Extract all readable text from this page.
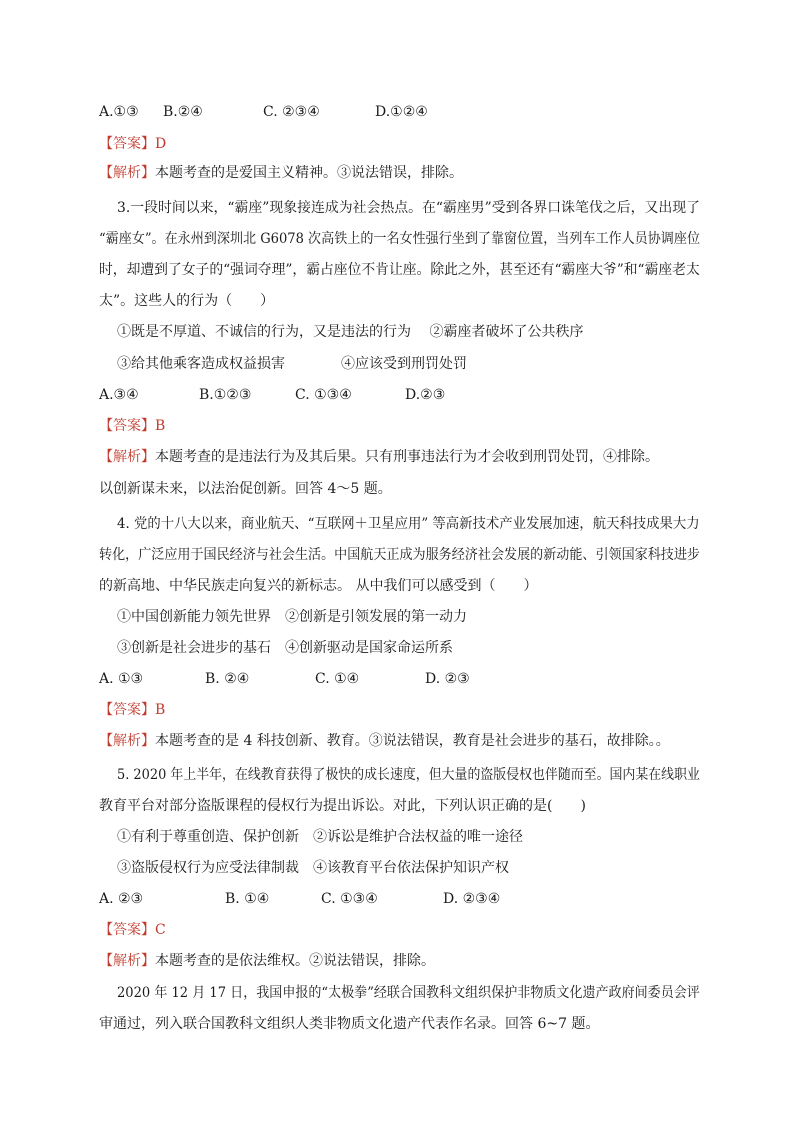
A.①③ B.②④	C. ②③④	D.①②④
【答案】D
【解析】本题考查的是爱国主义精神。③说法错误，排除。
3.一段时间以来，“霸座”现象接连成为社会热点。在“霸座男”受到各界口诛笔伐之后，又出现了
“霸座女”。在永州到深圳北 G6078 次高铁上的一名女性强行坐到了靠窗位置，当列车工作人员协调座位
时，却遭到了女子的“强词夺理”，霸占座位不肯让座。除此之外，甚至还有“霸座大爷”和“霸座老太
太”。这些人的行为（　　）
①既是不厚道、不诚信的行为，又是违法的行为　 ②霸座者破坏了公共秩序
③给其他乘客造成权益损害　　　　④应该受到刑罚处罚
A.③④	B.①②③	C. ①③④	D.②③
【答案】B
【解析】本题考查的是违法行为及其后果。只有刑事违法行为才会收到刑罚处罚，④排除。
以创新谋未来，以法治促创新。回答 4～5 题。
4. 党的十八大以来，商业航天、“互联网＋卫星应用” 等高新技术产业发展加速，航天科技成果大力
转化，广泛应用于国民经济与社会生活。中国航天正成为服务经济社会发展的新动能、引领国家科技进步
的新高地、中华民族走向复兴的新标志。 从中我们可以感受到（　　）
①中国创新能力领先世界　②创新是引领发展的第一动力
③创新是社会进步的基石　④创新驱动是国家命运所系
A. ①③	B. ②④	C. ①④	D. ②③
【答案】B
【解析】本题考查的是 4 科技创新、教育。③说法错误，教育是社会进步的基石，故排除。。
5. 2020 年上半年，在线教育获得了极快的成长速度，但大量的盗版侵权也伴随而至。国内某在线职业
教育平台对部分盗版课程的侵权行为提出诉讼。对此，下列认识正确的是(　　)
①有利于尊重创造、保护创新　②诉讼是维护合法权益的唯一途径
③盗版侵权行为应受法律制裁　④该教育平台依法保护知识产权
A. ②③	B. ①④	C. ①③④	D. ②③④
【答案】C
【解析】本题考查的是依法维权。②说法错误，排除。
2020 年 12 月 17 日，我国申报的“太极拳”经联合国教科文组织保护非物质文化遗产政府间委员会评
审通过，列入联合国教科文组织人类非物质文化遗产代表作名录。回答 6~7 题。
